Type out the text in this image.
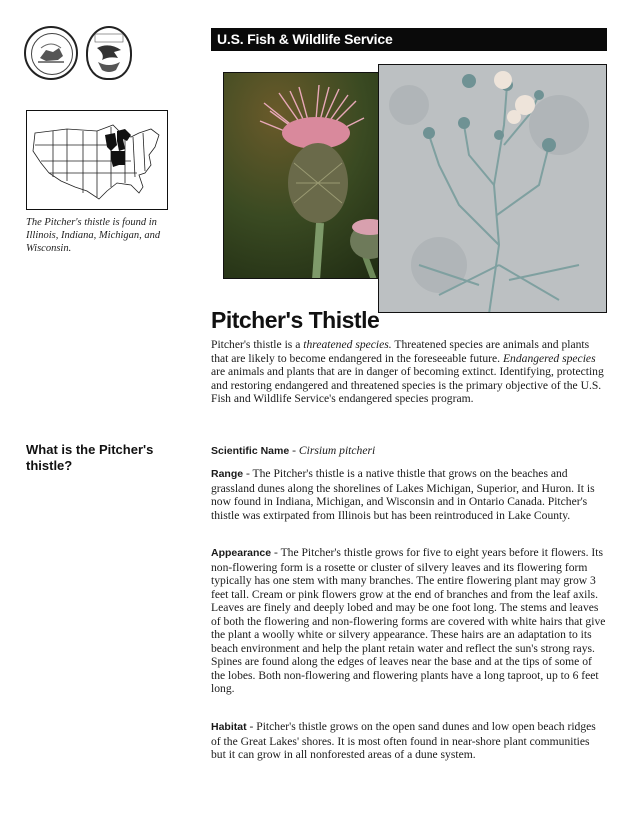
U.S. Fish & Wildlife Service
The Pitcher's thistle is found in Illinois, Indiana, Michigan, and Wisconsin.
Pitcher's Thistle
Pitcher's thistle is a threatened species. Threatened species are animals and plants that are likely to become endangered in the foreseeable future. Endangered species are animals and plants that are in danger of becoming extinct. Identifying, protecting and restoring endangered and threatened species is the primary objective of the U.S. Fish and Wildlife Service's endangered species program.
What is the Pitcher's thistle?
Scientific Name - Cirsium pitcheri
Range - The Pitcher's thistle is a native thistle that grows on the beaches and grassland dunes along the shorelines of Lakes Michigan, Superior, and Huron. It is now found in Indiana, Michigan, and Wisconsin and in Ontario Canada. Pitcher's thistle was extirpated from Illinois but has been reintroduced in Lake County.
Appearance - The Pitcher's thistle grows for five to eight years before it flowers. Its non-flowering form is a rosette or cluster of silvery leaves and its flowering form typically has one stem with many branches. The entire flowering plant may grow 3 feet tall. Cream or pink flowers grow at the end of branches and from the leaf axils. Leaves are finely and deeply lobed and may be one foot long. The stems and leaves of both the flowering and non-flowering forms are covered with white hairs that give the plant a woolly white or silvery appearance. These hairs are an adaptation to its beach environment and help the plant retain water and reflect the sun's strong rays. Spines are found along the edges of leaves near the base and at the tips of some of the lobes. Both non-flowering and flowering plants have a long taproot, up to 6 feet long.
Habitat - Pitcher's thistle grows on the open sand dunes and low open beach ridges of the Great Lakes' shores. It is most often found in near-shore plant communities but it can grow in all nonforested areas of a dune system.
